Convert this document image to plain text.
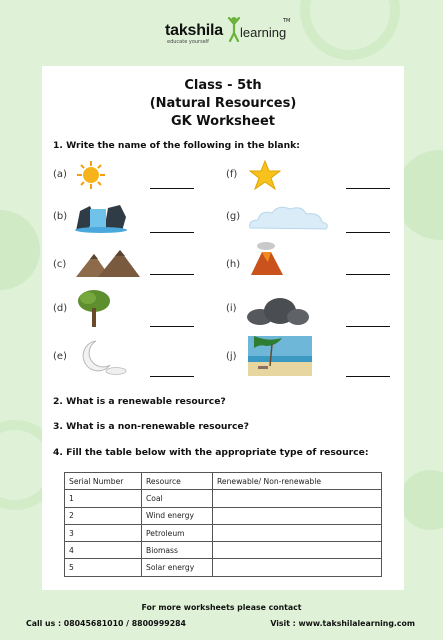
takshila learning
educate yourself
TM
Class - 5th
(Natural Resources)
GK Worksheet
1. Write the name of the following in the blank:
(a)	(f)
(b)	(g)
(c)	(h)
(d)	(i)
(e)	(j)
2. What is a renewable resource?
3. What is a non-renewable resource?
4. Fill the table below with the appropriate type of resource:
Serial Number	Resource	Renewable/ Non-renewable
1	Coal	
2	Wind energy	
3	Petroleum	
4	Biomass	
5	Solar energy	
For more worksheets please contact
Call us : 08045681010 / 8800999284	Visit : www.takshilalearning.com
